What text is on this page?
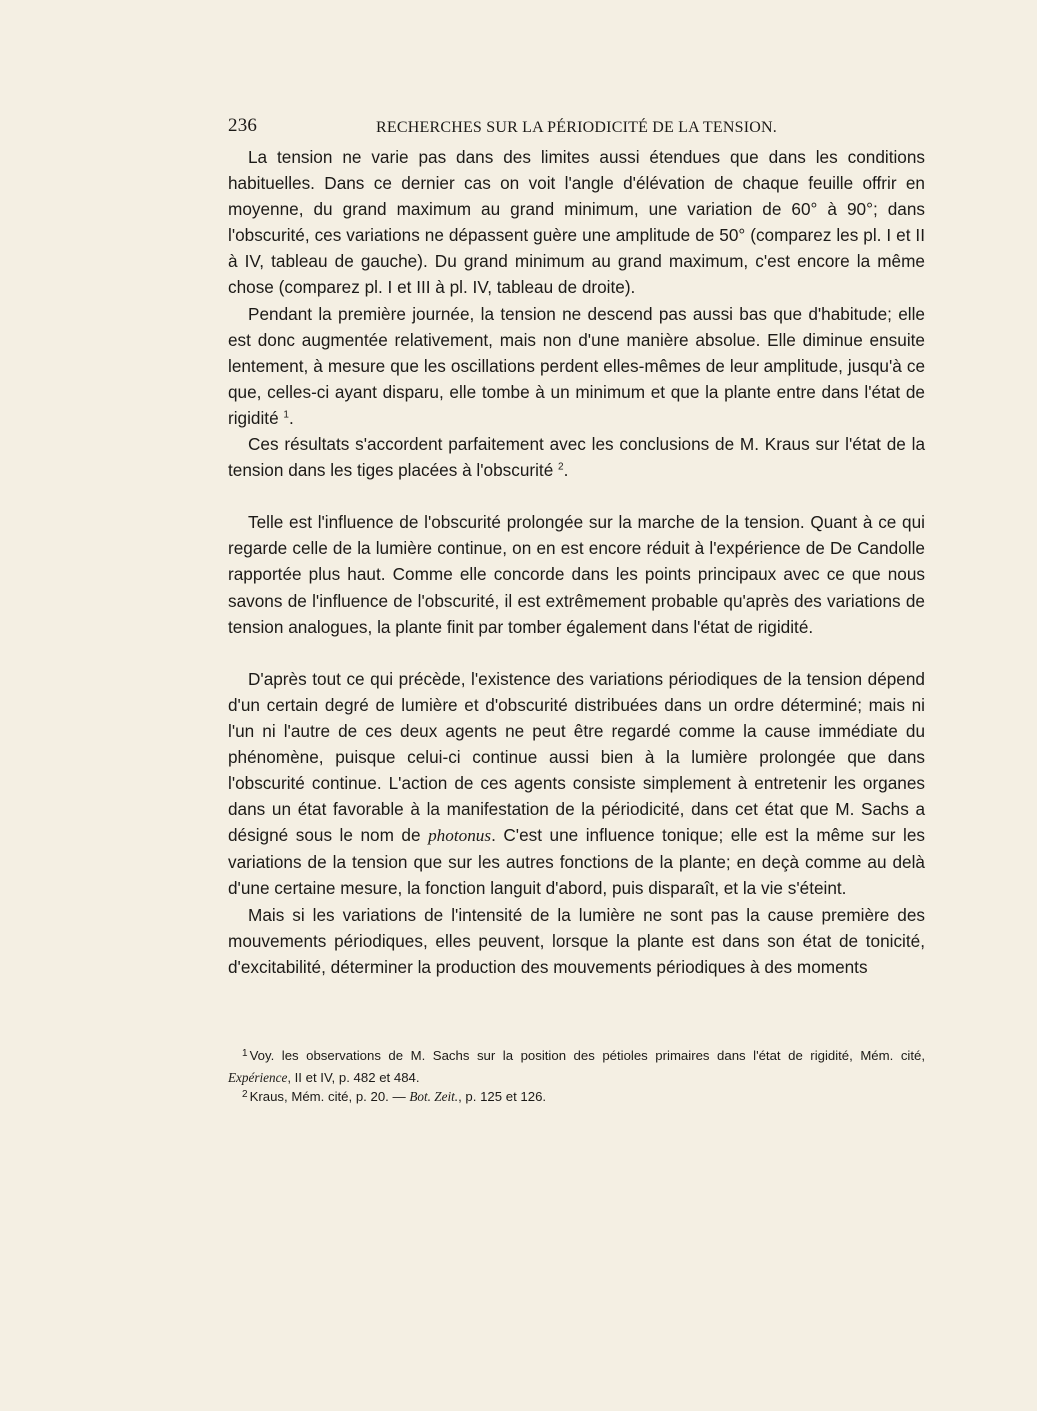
236	RECHERCHES SUR LA PÉRIODICITÉ DE LA TENSION.

La tension ne varie pas dans des limites aussi étendues que dans les conditions habituelles. Dans ce dernier cas on voit l'angle d'élévation de chaque feuille offrir en moyenne, du grand maximum au grand minimum, une variation de 60° à 90°; dans l'obscurité, ces variations ne dépassent guère une amplitude de 50° (comparez les pl. I et II à IV, tableau de gauche). Du grand minimum au grand maximum, c'est encore la même chose (comparez pl. I et III à pl. IV, tableau de droite).

Pendant la première journée, la tension ne descend pas aussi bas que d'habitude; elle est donc augmentée relativement, mais non d'une manière absolue. Elle diminue ensuite lentement, à mesure que les oscillations perdent elles-mêmes de leur amplitude, jusqu'à ce que, celles-ci ayant disparu, elle tombe à un minimum et que la plante entre dans l'état de rigidité $^1$.

Ces résultats s'accordent parfaitement avec les conclusions de M. Kraus sur l'état de la tension dans les tiges placées à l'obscurité $^2$.

Telle est l'influence de l'obscurité prolongée sur la marche de la tension. Quant à ce qui regarde celle de la lumière continue, on en est encore réduit à l'expérience de De Candolle rapportée plus haut. Comme elle concorde dans les points principaux avec ce que nous savons de l'influence de l'obscurité, il est extrêmement probable qu'après des variations de tension analogues, la plante finit par tomber également dans l'état de rigidité.

D'après tout ce qui précède, l'existence des variations périodiques de la tension dépend d'un certain degré de lumière et d'obscurité distribuées dans un ordre déterminé; mais ni l'un ni l'autre de ces deux agents ne peut être regardé comme la cause immédiate du phénomène, puisque celui-ci continue aussi bien à la lumière prolongée que dans l'obscurité continue. L'action de ces agents consiste simplement à entretenir les organes dans un état favorable à la manifestation de la périodicité, dans cet état que M. Sachs a désigné sous le nom de photonus. C'est une influence tonique; elle est la même sur les variations de la tension que sur les autres fonctions de la plante; en deçà comme au delà d'une certaine mesure, la fonction languit d'abord, puis disparaît, et la vie s'éteint.

Mais si les variations de l'intensité de la lumière ne sont pas la cause première des mouvements périodiques, elles peuvent, lorsque la plante est dans son état de tonicité, d'excitabilité, déterminer la production des mouvements périodiques à des moments

$^1$ Voy. les observations de M. Sachs sur la position des pétioles primaires dans l'état de rigidité, Mém. cité, Expérience, II et IV, p. 482 et 484.

$^2$ Kraus, Mém. cité, p. 20. — Bot. Zeit., p. 125 et 126.
